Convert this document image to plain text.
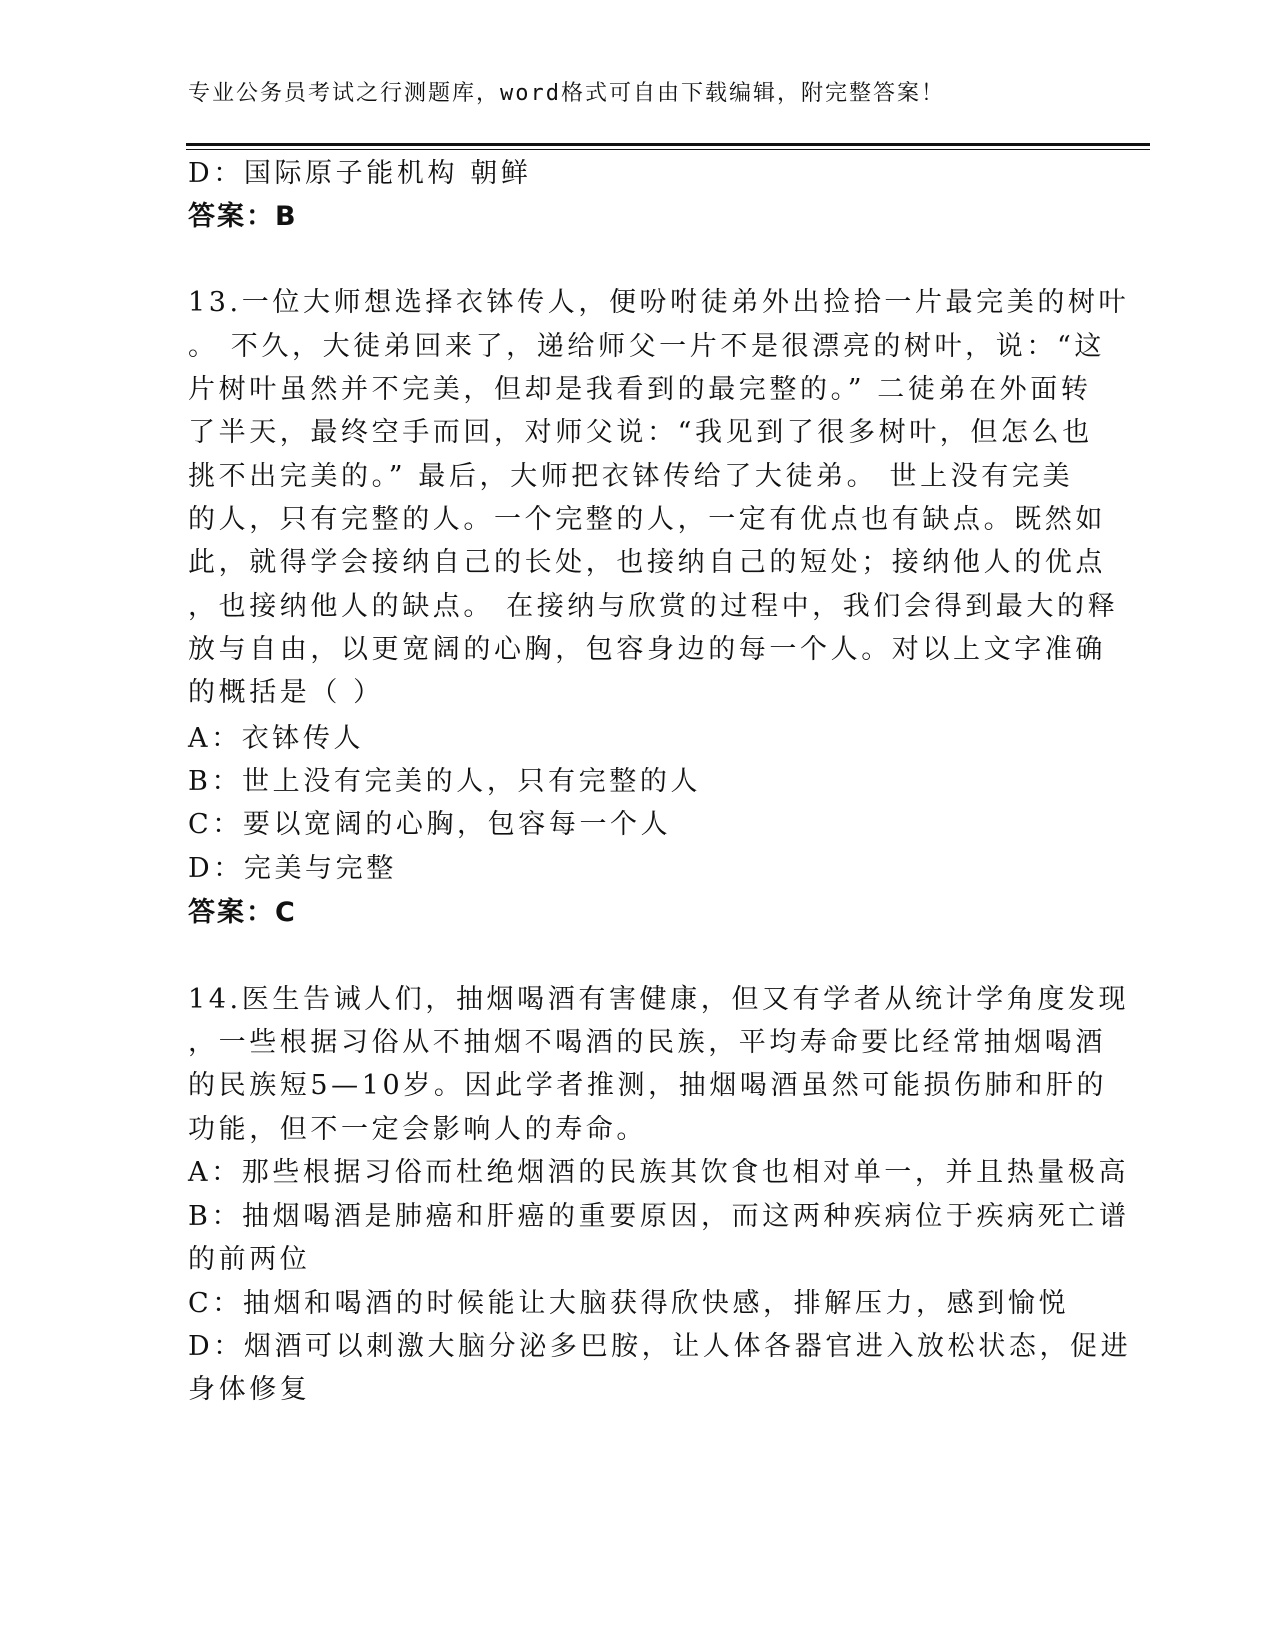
专业公务员考试之行测题库，word格式可自由下载编辑，附完整答案！
D：国际原子能机构 朝鲜
答案：B
13.一位大师想选择衣钵传人，便吩咐徒弟外出捡拾一片最完美的树叶
。 不久，大徒弟回来了，递给师父一片不是很漂亮的树叶，说：“这
片树叶虽然并不完美，但却是我看到的最完整的。” 二徒弟在外面转
了半天，最终空手而回，对师父说：“我见到了很多树叶，但怎么也
挑不出完美的。” 最后，大师把衣钵传给了大徒弟。 世上没有完美
的人，只有完整的人。一个完整的人，一定有优点也有缺点。既然如
此，就得学会接纳自己的长处，也接纳自己的短处；接纳他人的优点
，也接纳他人的缺点。 在接纳与欣赏的过程中，我们会得到最大的释
放与自由，以更宽阔的心胸，包容身边的每一个人。对以上文字准确
的概括是（ ）
A：衣钵传人
B：世上没有完美的人，只有完整的人
C：要以宽阔的心胸，包容每一个人
D：完美与完整
答案：C
14.医生告诫人们，抽烟喝酒有害健康，但又有学者从统计学角度发现
，一些根据习俗从不抽烟不喝酒的民族，平均寿命要比经常抽烟喝酒
的民族短5—10岁。因此学者推测，抽烟喝酒虽然可能损伤肺和肝的
功能，但不一定会影响人的寿命。
A：那些根据习俗而杜绝烟酒的民族其饮食也相对单一，并且热量极高
B：抽烟喝酒是肺癌和肝癌的重要原因，而这两种疾病位于疾病死亡谱
的前两位
C：抽烟和喝酒的时候能让大脑获得欣快感，排解压力，感到愉悦
D：烟酒可以刺激大脑分泌多巴胺，让人体各器官进入放松状态，促进
身体修复
